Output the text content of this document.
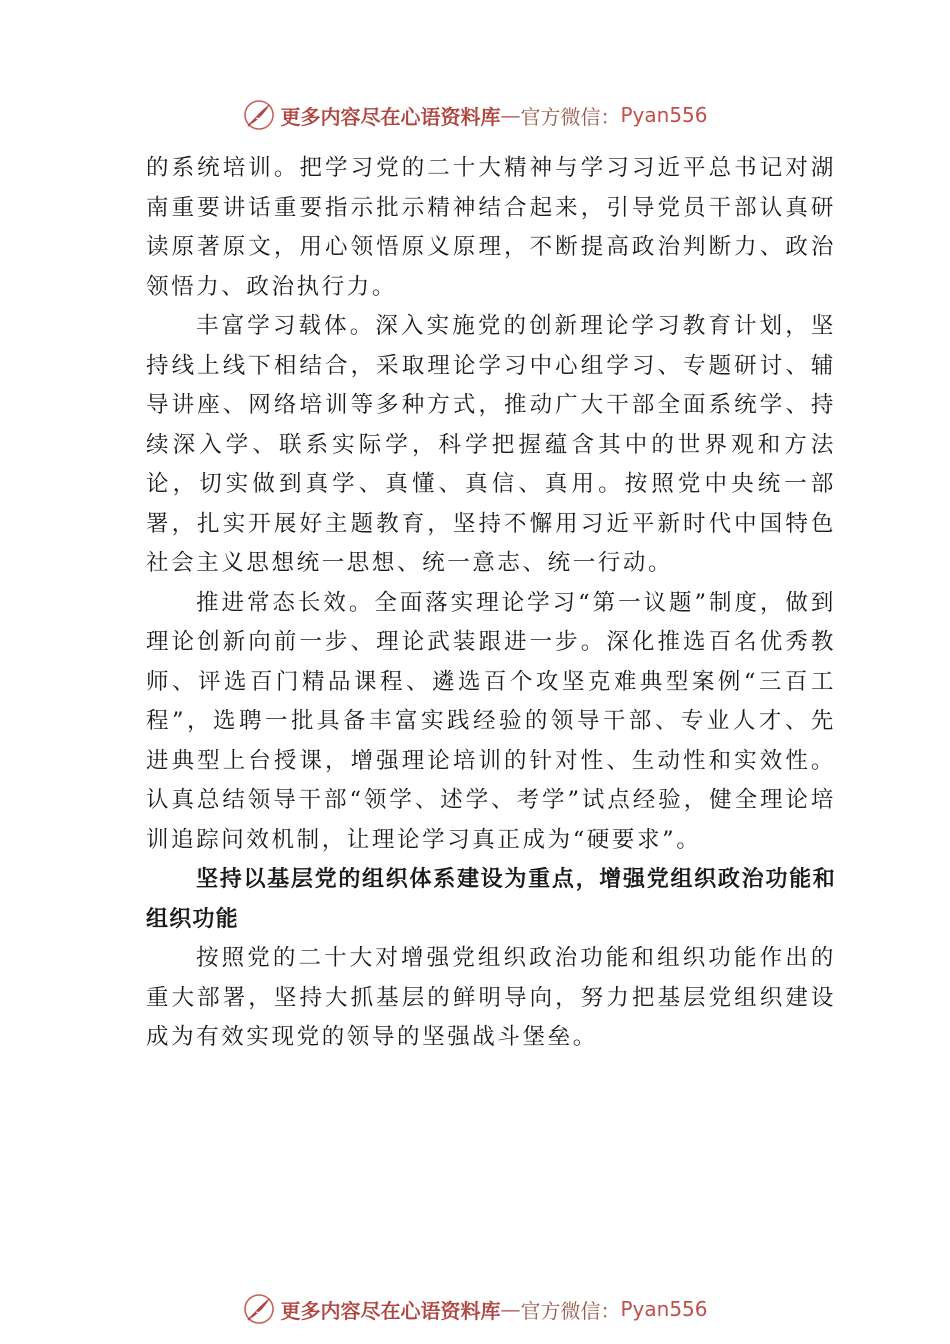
更多内容尽在心语资料库 — 官方微信： Pyan556

的系统培训。把学习党的二十大精神与学习习近平总书记对湖南重要讲话重要指示批示精神结合起来，引导党员干部认真研读原著原文，用心领悟原义原理，不断提高政治判断力、政治领悟力、政治执行力。

丰富学习载体。深入实施党的创新理论学习教育计划，坚持线上线下相结合，采取理论学习中心组学习、专题研讨、辅导讲座、网络培训等多种方式，推动广大干部全面系统学、持续深入学、联系实际学，科学把握蕴含其中的世界观和方法论，切实做到真学、真懂、真信、真用。按照党中央统一部署，扎实开展好主题教育，坚持不懈用习近平新时代中国特色社会主义思想统一思想、统一意志、统一行动。

推进常态长效。全面落实理论学习“第一议题”制度，做到理论创新向前一步、理论武装跟进一步。深化推选百名优秀教师、评选百门精品课程、遴选百个攻坚克难典型案例“三百工程”，选聘一批具备丰富实践经验的领导干部、专业人才、先进典型上台授课，增强理论培训的针对性、生动性和实效性。认真总结领导干部“领学、述学、考学”试点经验，健全理论培训追踪问效机制，让理论学习真正成为“硬要求”。

坚持以基层党的组织体系建设为重点，增强党组织政治功能和组织功能

按照党的二十大对增强党组织政治功能和组织功能作出的重大部署，坚持大抓基层的鲜明导向，努力把基层党组织建设成为有效实现党的领导的坚强战斗堡垒。

更多内容尽在心语资料库 — 官方微信： Pyan556
